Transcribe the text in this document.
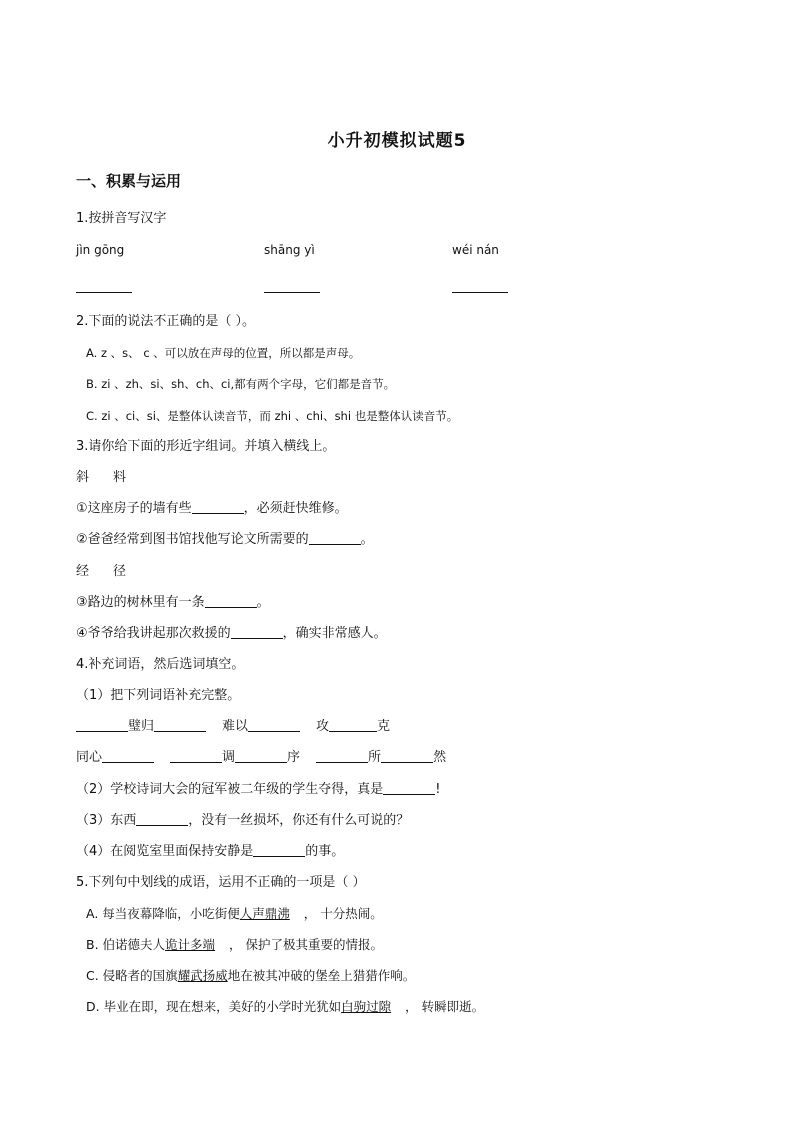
小升初模拟试题5
一、积累与运用
1.按拼音写汉字
jìn gōng	shāng yì	wéi nán
2.下面的说法不正确的是（ ）。
A. z 、s、 c 、可以放在声母的位置，所以都是声母。
B. zi 、zh、si、sh、ch、ci,都有两个字母，它们都是音节。
C. zi 、ci、si、是整体认读音节，而 zhi 、chi、shi 也是整体认读音节。
3.请你给下面的形近字组词。并填入横线上。
斜 料
①这座房子的墙有些	，必须赶快维修。
②爸爸经常到图书馆找他写论文所需要的	。
经 径
③路边的树林里有一条	。
④爷爷给我讲起那次救援的	，确实非常感人。
4.补充词语，然后选词填空。
（1）把下列词语补充完整。
璧归	难以	攻	克
同心	调	序	所	然
（2）学校诗词大会的冠军被二年级的学生夺得，真是	!
（3）东西	，没有一丝损坏，你还有什么可说的？
（4）在阅览室里面保持安静是	的事。
5.下列句中划线的成语，运用不正确的一项是（ ）
A. 每当夜幕降临，小吃街便人声鼎沸 ， 十分热闹。
B. 伯诺德夫人诡计多端 ， 保护了极其重要的情报。
C. 侵略者的国旗耀武扬威地在被其冲破的堡垒上猎猎作响。
D. 毕业在即，现在想来，美好的小学时光犹如白驹过隙 ， 转瞬即逝。
